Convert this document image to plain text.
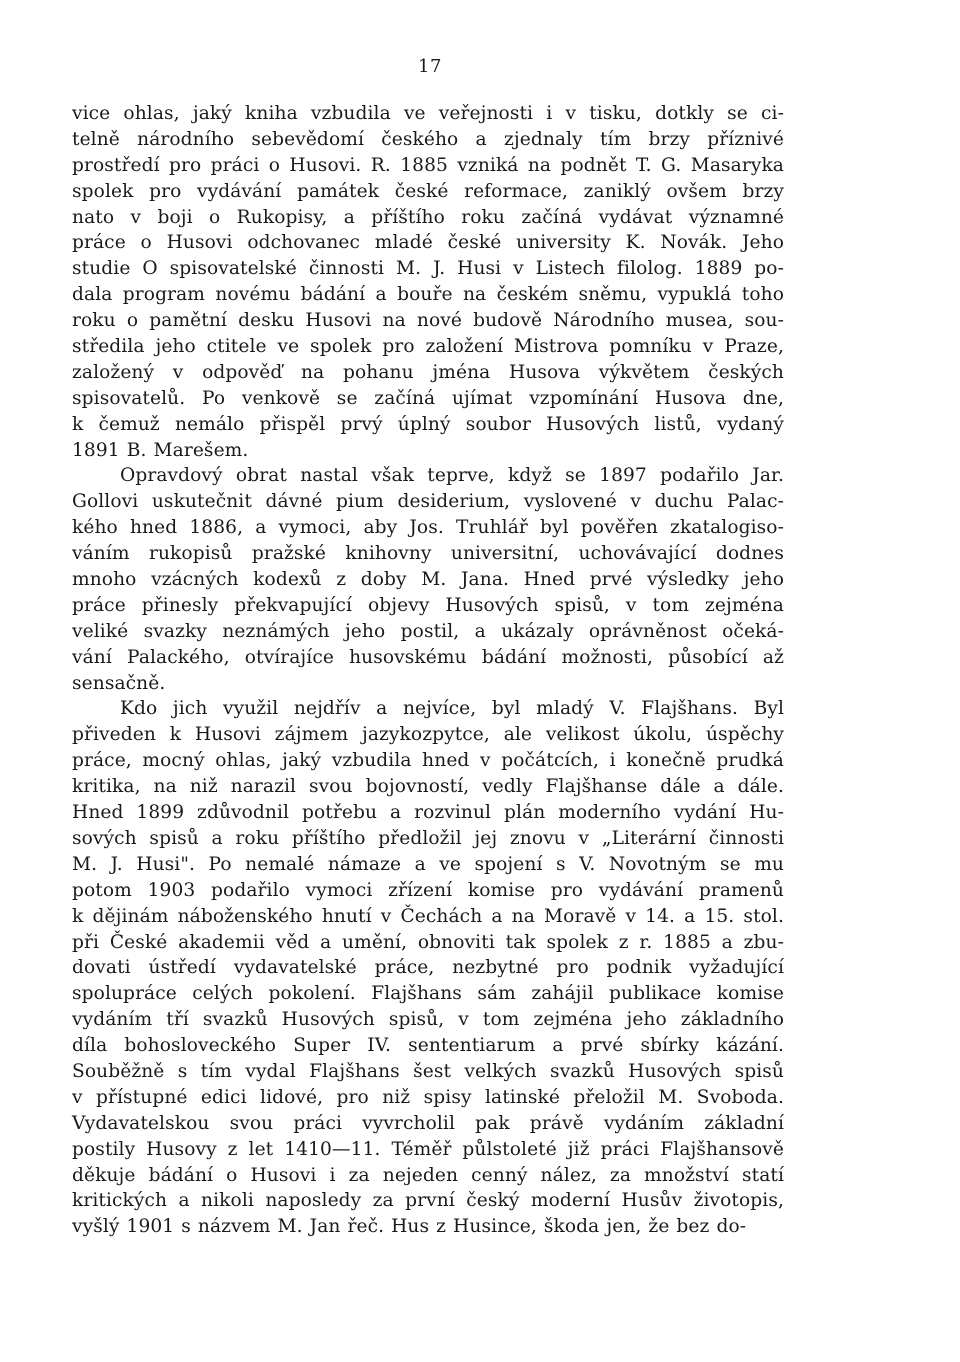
17
vice ohlas, jaký kniha vzbudila ve veřejnosti i v tisku, dotkly se ci-
telně národního sebevědomí českého a zjednaly tím brzy příznivé
prostředí pro práci o Husovi. R. 1885 vzniká na podnět T. G. Masaryka
spolek pro vydávání památek české reformace, zaniklý ovšem brzy
nato v boji o Rukopisy, a příštího roku začíná vydávat významné
práce o Husovi odchovanec mladé české university K. Novák. Jeho
studie O spisovatelské činnosti M. J. Husi v Listech filolog. 1889 po-
dala program novému bádání a bouře na českém sněmu, vypuklá toho
roku o pamětní desku Husovi na nové budově Národního musea, sou-
středila jeho ctitele ve spolek pro založení Mistrova pomníku v Praze,
založený v odpověď na pohanu jména Husova výkvětem českých
spisovatelů. Po venkově se začíná ujímat vzpomínání Husova dne,
k čemuž nemálo přispěl prvý úplný soubor Husových listů, vydaný
1891 B. Marešem.
Opravdový obrat nastal však teprve, když se 1897 podařilo Jar.
Gollovi uskutečnit dávné pium desiderium, vyslovené v duchu Palac-
kého hned 1886, a vymoci, aby Jos. Truhlář byl pověřen zkatalogiso-
váním rukopisů pražské knihovny universitní, uchovávající dodnes
mnoho vzácných kodexů z doby M. Jana. Hned prvé výsledky jeho
práce přinesly překvapující objevy Husových spisů, v tom zejména
veliké svazky neznámých jeho postil, a ukázaly oprávněnost očeká-
vání Palackého, otvírajíce husovskému bádání možnosti, působící až
sensačně.
Kdo jich využil nejdřív a nejvíce, byl mladý V. Flajšhans. Byl
přiveden k Husovi zájmem jazykozpytce, ale velikost úkolu, úspěchy
práce, mocný ohlas, jaký vzbudila hned v počátcích, i konečně prudká
kritika, na niž narazil svou bojovností, vedly Flajšhanse dále a dále.
Hned 1899 zdůvodnil potřebu a rozvinul plán moderního vydání Hu-
sových spisů a roku příštího předložil jej znovu v „Literární činnosti
M. J. Husi". Po nemalé námaze a ve spojení s V. Novotným se mu
potom 1903 podařilo vymoci zřízení komise pro vydávání pramenů
k dějinám náboženského hnutí v Čechách a na Moravě v 14. a 15. stol.
při České akademii věd a umění, obnoviti tak spolek z r. 1885 a zbu-
dovati ústředí vydavatelské práce, nezbytné pro podnik vyžadující
spolupráce celých pokolení. Flajšhans sám zahájil publikace komise
vydáním tří svazků Husových spisů, v tom zejména jeho základního
díla bohosloveckého Super IV. sententiarum a prvé sbírky kázání.
Souběžně s tím vydal Flajšhans šest velkých svazků Husových spisů
v přístupné edici lidové, pro niž spisy latinské přeložil M. Svoboda.
Vydavatelskou svou práci vyvrcholil pak právě vydáním základní
postily Husovy z let 1410—11. Téměř půlstoleté již práci Flajšhansově
děkuje bádání o Husovi i za nejeden cenný nález, za množství statí
kritických a nikoli naposledy za první český moderní Husův životopis,
vyšlý 1901 s názvem M. Jan řeč. Hus z Husince, škoda jen, že bez do-
